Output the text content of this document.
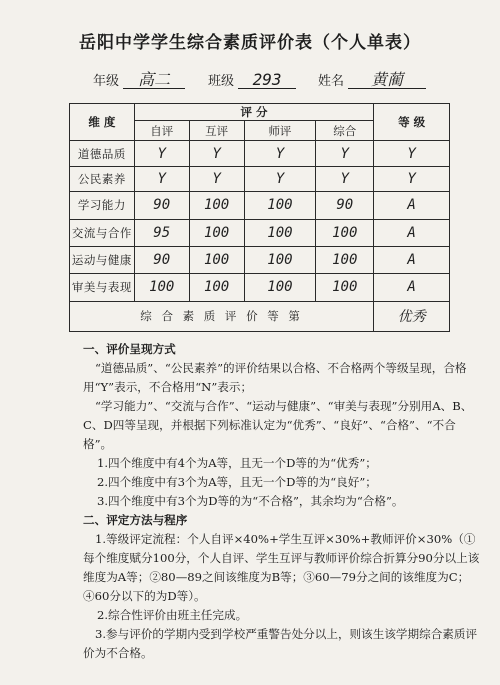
岳阳中学学生综合素质评价表（个人单表）
年级 高二	班级 293	姓名 黄蔺
维 度	评 分				等 级
	自评	互评	师评	综合	
道德品质	Y	Y	Y	Y	Y
公民素养	Y	Y	Y	Y	Y
学习能力	90	100	100	90	A
交流与合作	95	100	100	100	A
运动与健康	90	100	100	100	A
审美与表现	100	100	100	100	A
综 合 素 质 评 价 等 第					优秀

一、评价呈现方式

“道德品质”、“公民素养”的评价结果以合格、不合格两个等级呈现，合格用“Y”表示，不合格用“N”表示；

“学习能力”、“交流与合作”、“运动与健康”、“审美与表现”分别用A、B、C、D四等呈现，并根据下列标准认定为“优秀”、“良好”、“合格”、“不合格”。

1.四个维度中有4个为A等，且无一个D等的为“优秀”；

2.四个维度中有3个为A等，且无一个D等的为“良好”；

3.四个维度中有3个为D等的为“不合格”，其余均为“合格”。

二、评定方法与程序

1.等级评定流程：个人自评×40%+学生互评×30%+教师评价×30%（①每个维度赋分100分，个人自评、学生互评与教师评价综合折算分90分以上该维度为A等；②80—89之间该维度为B等；③60—79分之间的该维度为C；④60分以下的为D等）。

2.综合性评价由班主任完成。

3.参与评价的学期内受到学校严重警告处分以上，则该生该学期综合素质评价为不合格。
